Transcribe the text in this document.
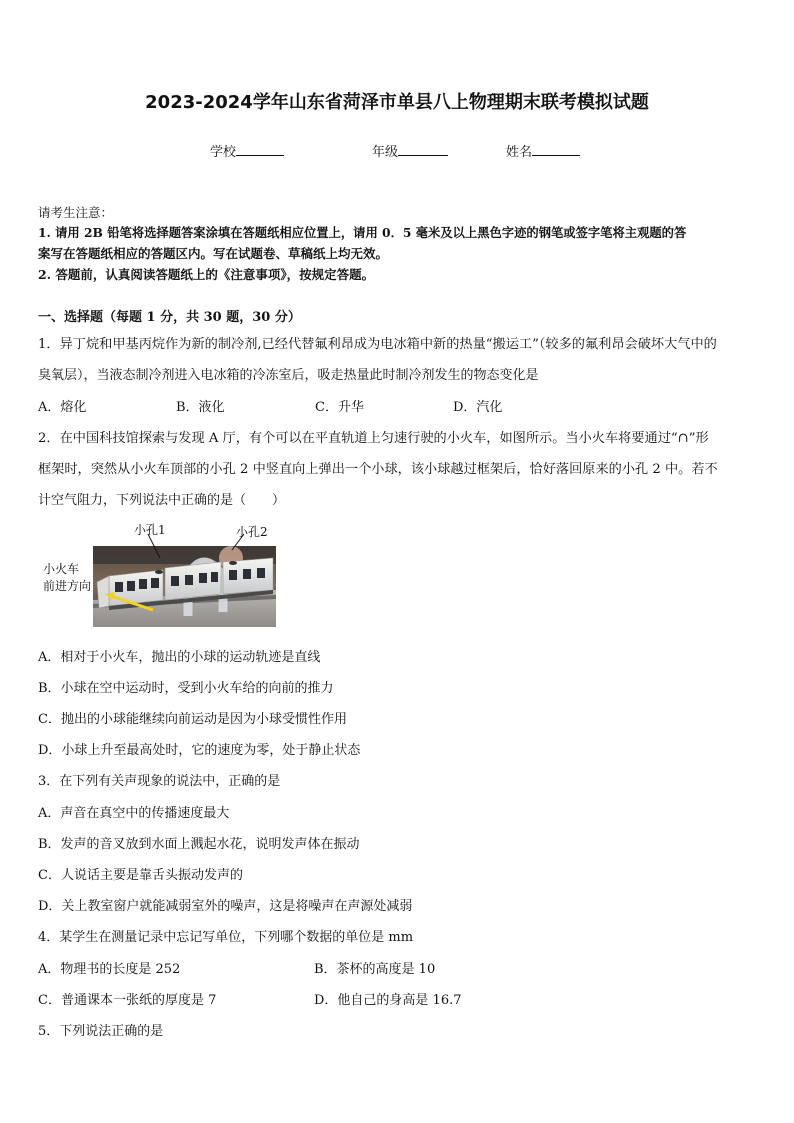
2023-2024学年山东省菏泽市单县八上物理期末联考模拟试题
学校	年级	姓名
请考生注意：
1. 请用 2B 铅笔将选择题答案涂填在答题纸相应位置上，请用 0．5 毫米及以上黑色字迹的钢笔或签字笔将主观题的答
案写在答题纸相应的答题区内。写在试题卷、草稿纸上均无效。
2. 答题前，认真阅读答题纸上的《注意事项》，按规定答题。
一、选择题（每题 1 分，共 30 题，30 分）
1．异丁烷和甲基丙烷作为新的制冷剂,已经代替氟利昂成为电冰箱中新的热量“搬运工”（较多的氟利昂会破坏大气中的
臭氧层），当液态制冷剂进入电冰箱的冷冻室后，吸走热量此时制冷剂发生的物态变化是
A．熔化	B．液化	C．升华	D．汽化
2．在中国科技馆探索与发现 A 厅，有个可以在平直轨道上匀速行驶的小火车，如图所示。当小火车将要通过“∩”形
框架时，突然从小火车顶部的小孔 2 中竖直向上弹出一个小球，该小球越过框架后，恰好落回原来的小孔 2 中。若不
计空气阻力，下列说法中正确的是（　　）
小孔1	小孔2
小火车
前进方向
A．相对于小火车，抛出的小球的运动轨迹是直线
B．小球在空中运动时，受到小火车给的向前的推力
C．抛出的小球能继续向前运动是因为小球受惯性作用
D．小球上升至最高处时，它的速度为零，处于静止状态
3．在下列有关声现象的说法中，正确的是
A．声音在真空中的传播速度最大
B．发声的音叉放到水面上溅起水花，说明发声体在振动
C．人说话主要是靠舌头振动发声的
D．关上教室窗户就能减弱室外的噪声，这是将噪声在声源处减弱
4．某学生在测量记录中忘记写单位，下列哪个数据的单位是 mm
A．物理书的长度是 252	B．茶杯的高度是 10
C．普通课本一张纸的厚度是 7	D．他自己的身高是 16.7
5．下列说法正确的是
